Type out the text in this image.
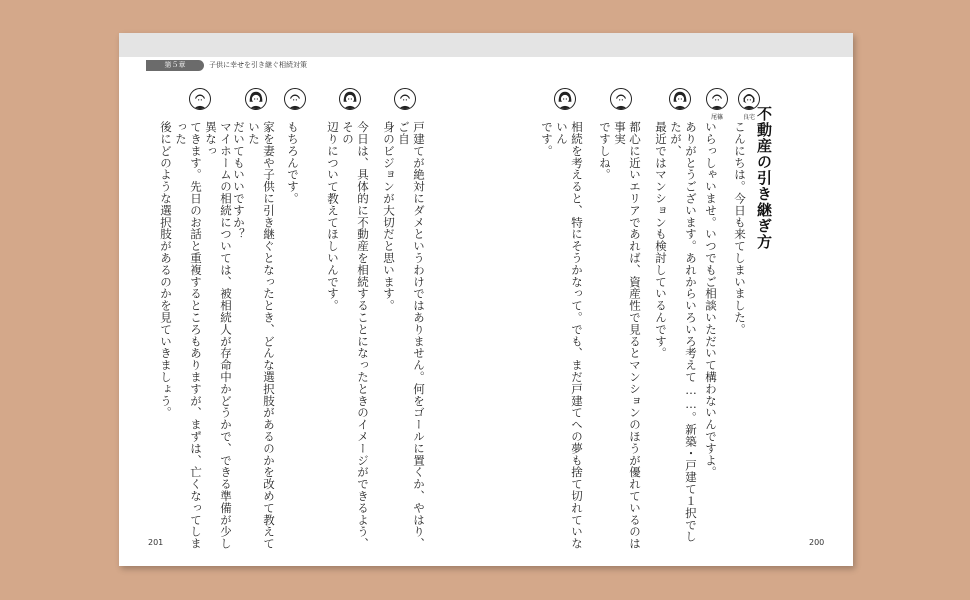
第５章	子供に幸せを引き継ぐ相続対策
201	200
不動産の引き継ぎ方
良宅
尾篠
こんにちは。今日も来てしまいました。
いらっしゃいませ。いつでもご相談いただいて構わないんですよ。
ありがとうございます。あれからいろいろ考えて……。新築・戸建て１択でしたが、
最近ではマンションも検討しているんです。
都心に近いエリアであれば、資産性で見るとマンションのほうが優れているのは事実
ですしね。
相続を考えると、特にそうかなって。でも、まだ戸建てへの夢も捨て切れていないん
です。
戸建てが絶対にダメというわけではありません。何をゴールに置くか、やはり、ご自
身のビジョンが大切だと思います。
今日は、具体的に不動産を相続することになったときのイメージができるよう、その
辺りについて教えてほしいんです。
もちろんです。
家を妻や子供に引き継ぐとなったとき、どんな選択肢があるのかを改めて教えていた
だいてもいいですか？
マイホームの相続については、被相続人が存命中かどうかで、できる準備が少し異なっ
てきます。先日のお話と重複するところもありますが、まずは、亡くなってしまった
後にどのような選択肢があるのかを見ていきましょう。
